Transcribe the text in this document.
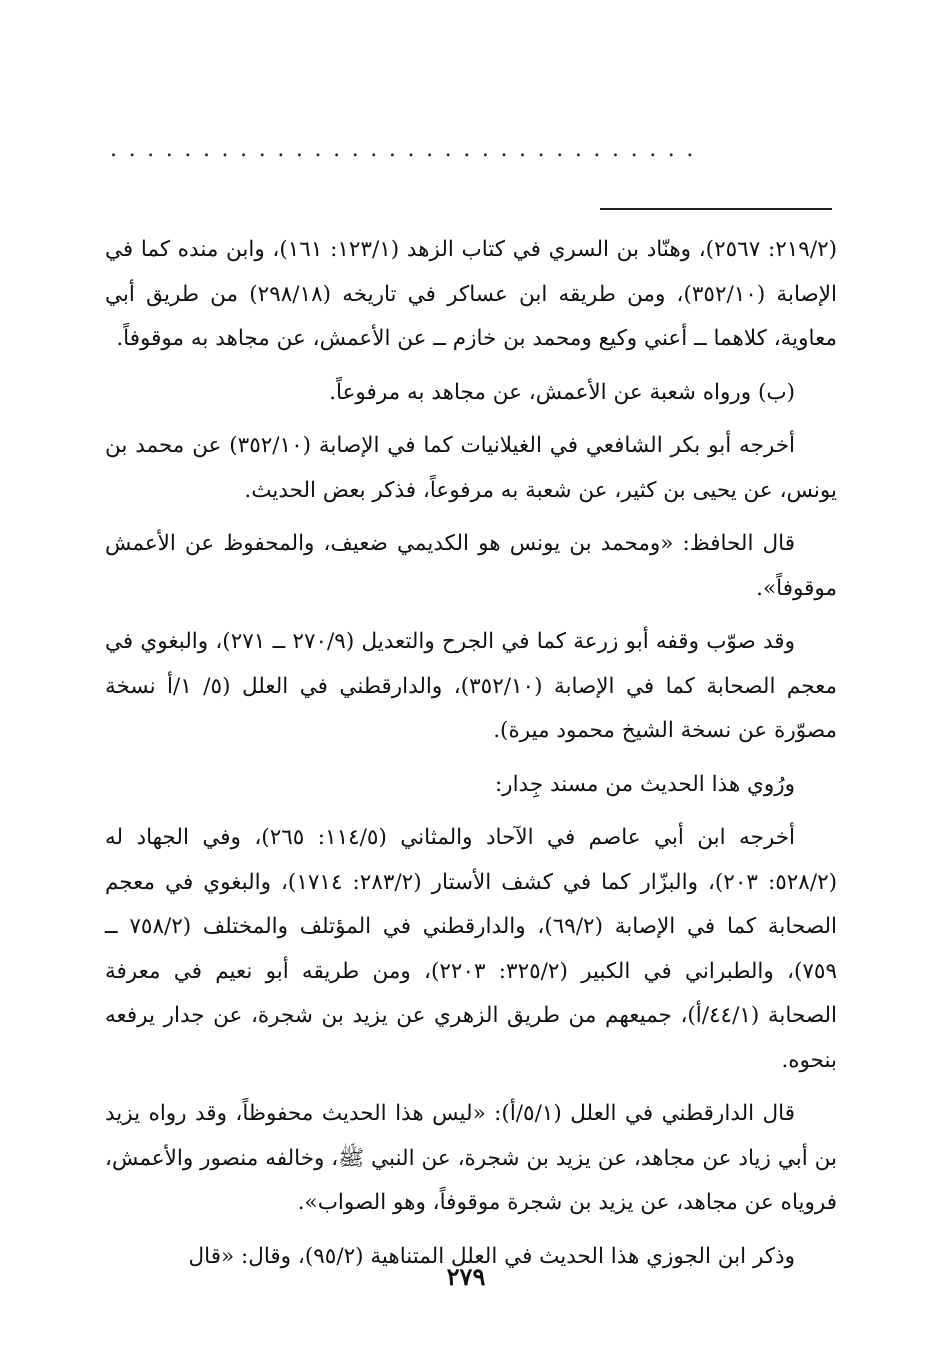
................................

(٢١٩/٢: ٢٥٦٧)، وهنّاد بن السري في كتاب الزهد (١٢٣/١: ١٦١)، وابن منده كما في الإصابة (٣٥٢/١٠)، ومن طريقه ابن عساكر في تاريخه (٢٩٨/١٨) من طريق أبي معاوية، كلاهما ــ أعني وكيع ومحمد بن خازم ــ عن الأعمش، عن مجاهد به موقوفاً.

(ب) ورواه شعبة عن الأعمش، عن مجاهد به مرفوعاً.

أخرجه أبو بكر الشافعي في الغيلانيات كما في الإصابة (٣٥٢/١٠) عن محمد بن يونس، عن يحيى بن كثير، عن شعبة به مرفوعاً، فذكر بعض الحديث.

قال الحافظ: «ومحمد بن يونس هو الكديمي ضعيف، والمحفوظ عن الأعمش موقوفاً».

وقد صوّب وقفه أبو زرعة كما في الجرح والتعديل (٢٧٠/٩ ــ ٢٧١)، والبغوي في معجم الصحابة كما في الإصابة (٣٥٢/١٠)، والدارقطني في العلل (٥/ ١/أ نسخة مصوّرة عن نسخة الشيخ محمود ميرة).

ورُوي هذا الحديث من مسند جِدار:

أخرجه ابن أبي عاصم في الآحاد والمثاني (١١٤/٥: ٢٦٥)، وفي الجهاد له (٥٢٨/٢: ٢٠٣)، والبزّار كما في كشف الأستار (٢٨٣/٢: ١٧١٤)، والبغوي في معجم الصحابة كما في الإصابة (٦٩/٢)، والدارقطني في المؤتلف والمختلف (٧٥٨/٢ ــ ٧٥٩)، والطبراني في الكبير (٣٢٥/٢: ٢٢٠٣)، ومن طريقه أبو نعيم في معرفة الصحابة (٤٤/١/أ)، جميعهم من طريق الزهري عن يزيد بن شجرة، عن جدار يرفعه بنحوه.

قال الدارقطني في العلل (٥/١/أ): «ليس هذا الحديث محفوظاً، وقد رواه يزيد بن أبي زياد عن مجاهد، عن يزيد بن شجرة، عن النبي ﷺ، وخالفه منصور والأعمش، فروياه عن مجاهد، عن يزيد بن شجرة موقوفاً، وهو الصواب».

وذكر ابن الجوزي هذا الحديث في العلل المتناهية (٩٥/٢)، وقال: «قال

٢٧٩
